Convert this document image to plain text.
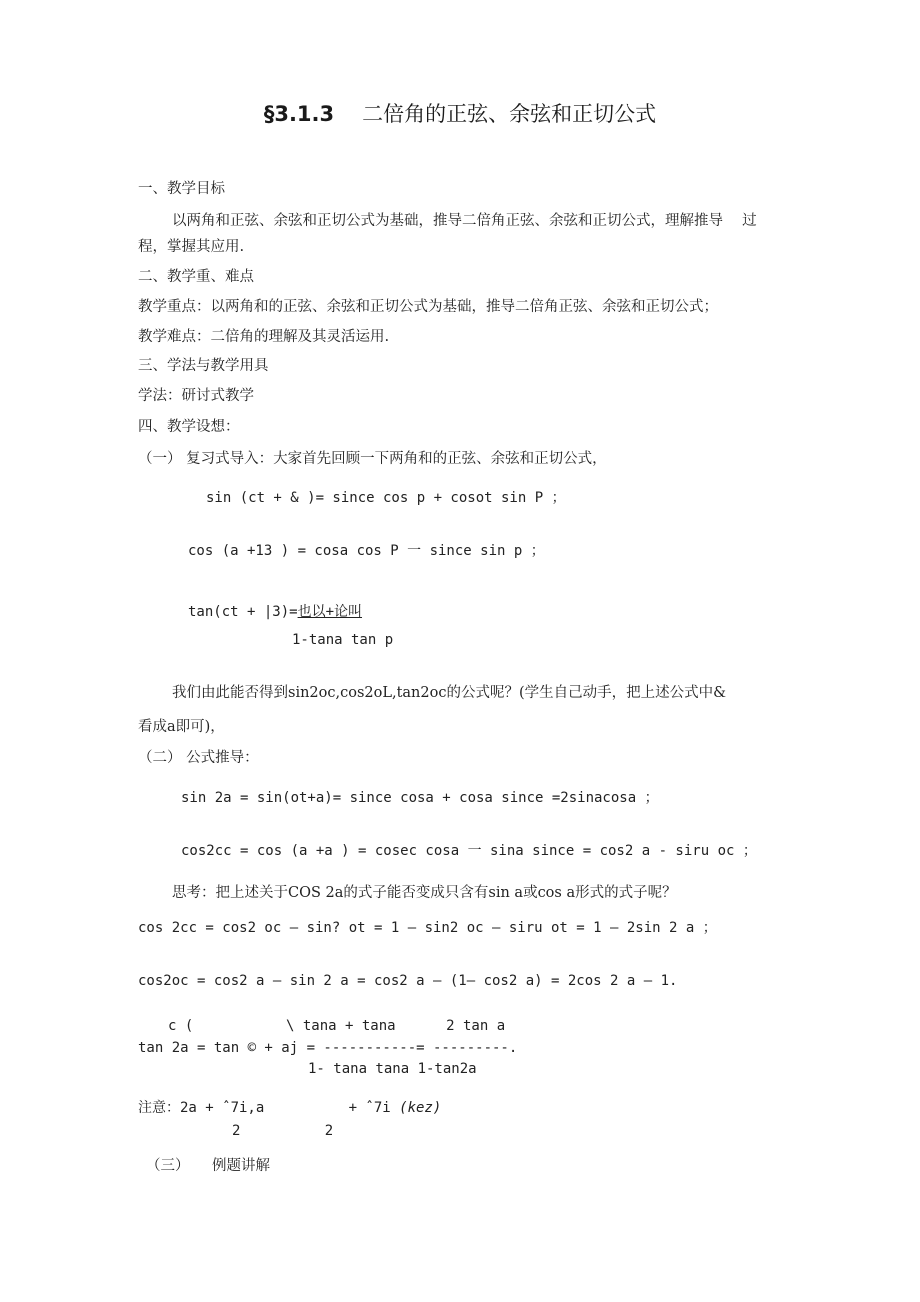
§3.1.3 二倍角的正弦、余弦和正切公式
一、教学目标
以两角和正弦、余弦和正切公式为基础，推导二倍角正弦、余弦和正切公式，理解推导　 过
程，掌握其应用.
二、教学重、难点
教学重点：以两角和的正弦、余弦和正切公式为基础，推导二倍角正弦、余弦和正切公式；
教学难点：二倍角的理解及其灵活运用.
三、学法与教学用具
学法：研讨式教学
四、教学设想：
（一） 复习式导入：大家首先回顾一下两角和的正弦、余弦和正切公式，
sin (ct + & )= since cos p + cosot sin P ；
cos (a +13 ) = cosa cos P 一 since sin p ；
tan(ct + |3)=也以+论叫
1-tana tan p
我们由此能否得到sin2oc,cos2oL,tan2oc的公式呢？(学生自己动手，把上述公式中&
看成a即可)，
（二） 公式推导：
sin 2a = sin(ot+a)= since cosa + cosa since =2sinacosa ；
cos2cc = cos (a +a ) = cosec cosa 一 sina since = cos2 a - siru oc ；
思考：把上述关于COS 2a的式子能否变成只含有sin a或cos a形式的式子呢？
cos 2cc = cos2 oc — sin? ot = 1 — sin2 oc — siru ot = 1 — 2sin 2 a ；
cos2oc = cos2 a — sin 2 a = cos2 a — (1— cos2 a) = 2cos 2 a — 1.
c (           \ tana + tana      2 tan a
tan 2a = tan © + aj = -----------= ---------.
1- tana tana 1-tan2a
注意：2a + ˆ7i,a          + ˆ7i (kez)
2          2
（三） 例题讲解
